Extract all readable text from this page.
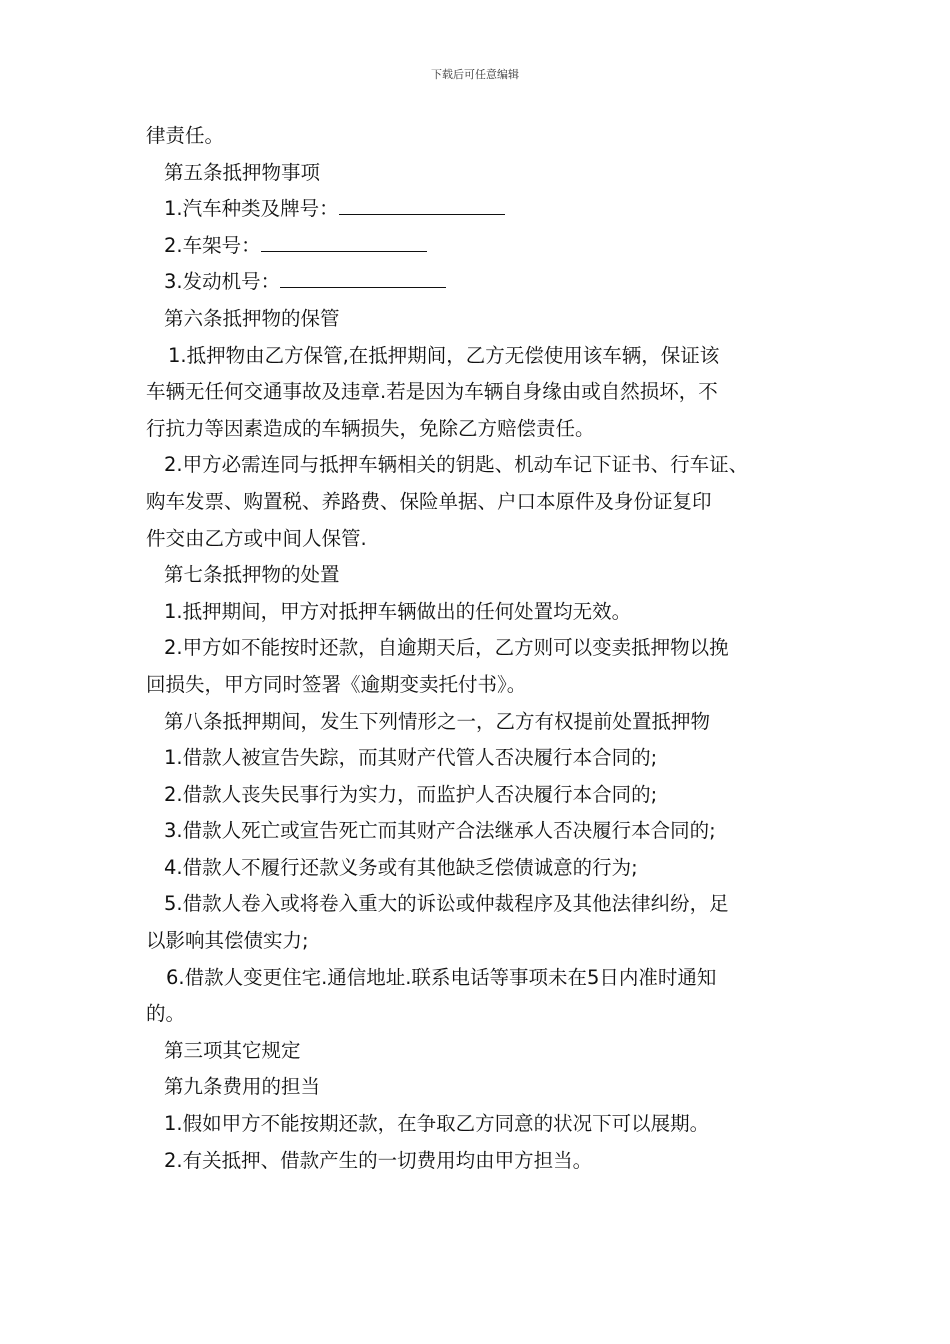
下载后可任意编辑
律责任。
第五条抵押物事项
1.汽车种类及牌号：
2.车架号：
3.发动机号：
第六条抵押物的保管
1.抵押物由乙方保管,在抵押期间，乙方无偿使用该车辆，保证该
车辆无任何交通事故及违章.若是因为车辆自身缘由或自然损坏，不
行抗力等因素造成的车辆损失，免除乙方赔偿责任。
2.甲方必需连同与抵押车辆相关的钥匙、机动车记下证书、行车证、
购车发票、购置税、养路费、保险单据、户口本原件及身份证复印
件交由乙方或中间人保管.
第七条抵押物的处置
1.抵押期间，甲方对抵押车辆做出的任何处置均无效。
2.甲方如不能按时还款，自逾期天后，乙方则可以变卖抵押物以挽
回损失，甲方同时签署《逾期变卖托付书》。
第八条抵押期间，发生下列情形之一，乙方有权提前处置抵押物
1.借款人被宣告失踪，而其财产代管人否决履行本合同的;
2.借款人丧失民事行为实力，而监护人否决履行本合同的;
3.借款人死亡或宣告死亡而其财产合法继承人否决履行本合同的;
4.借款人不履行还款义务或有其他缺乏偿债诚意的行为;
5.借款人卷入或将卷入重大的诉讼或仲裁程序及其他法律纠纷，足
以影响其偿债实力;
6.借款人变更住宅.通信地址.联系电话等事项未在5日内准时通知
的。
第三项其它规定
第九条费用的担当
1.假如甲方不能按期还款，在争取乙方同意的状况下可以展期。
2.有关抵押、借款产生的一切费用均由甲方担当。
